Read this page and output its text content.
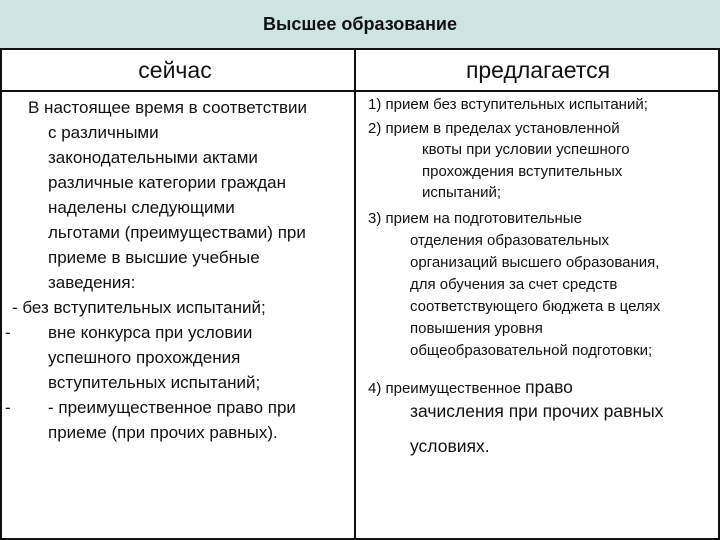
Высшее образование
сейчас	предлагается
В настоящее время в соответствии
с различными
законодательными актами
различные категории граждан
наделены следующими
льготами (преимуществами) при
приеме в высшие учебные
заведения:
- без вступительных испытаний;
- вне конкурса при условии
успешного прохождения
вступительных испытаний;
- - преимущественное право при
приеме (при прочих равных).
1) прием без вступительных испытаний;
2) прием в пределах установленной
квоты при условии успешного
прохождения вступительных
испытаний;
3) прием на подготовительные
отделения образовательных
организаций высшего образования,
для обучения за счет средств
соответствующего бюджета в целях
повышения уровня
общеобразовательной подготовки;
4) преимущественное право
зачисления при прочих равных
условиях.
